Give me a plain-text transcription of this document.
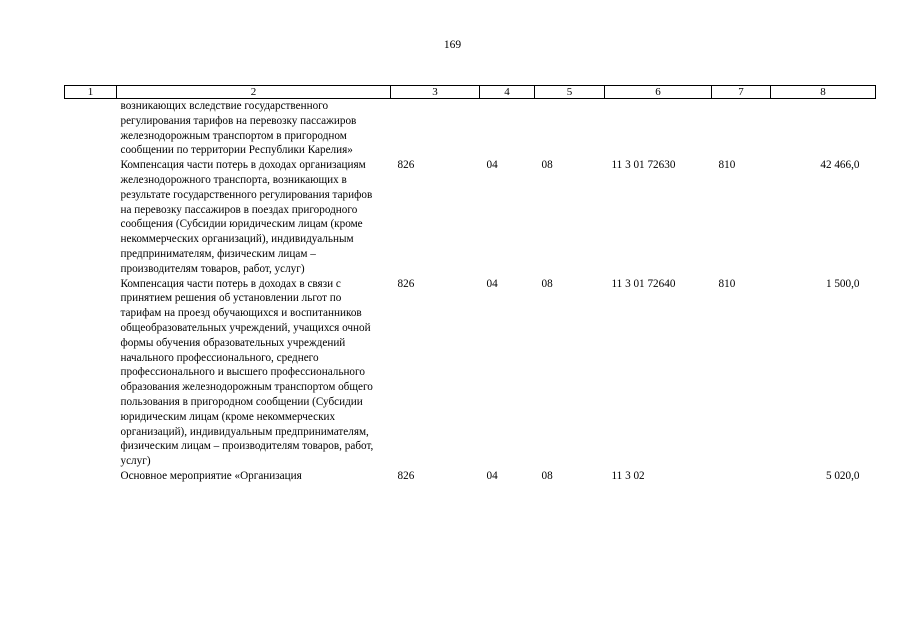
169
1	2	3	4	5	6	7	8
	возникающих вследствие государственного регулирования тарифов на перевозку пассажиров железнодорожным транспортом в пригородном сообщении по территории Республики Карелия»						
	Компенсация части потерь в доходах организациям железнодорожного транспорта, возникающих в результате государственного регулирования тарифов на перевозку пассажиров в поездах пригородного сообщения (Субсидии юридическим лицам (кроме некоммерческих организаций), индивидуальным предпринимателям, физическим лицам – производителям товаров, работ, услуг)	826	04	08	11 3 01 72630	810	42 466,0
	Компенсация части потерь в доходах в связи с принятием решения об установлении льгот по тарифам на проезд обучающихся и воспитанников общеобразовательных учреждений, учащихся очной формы обучения образовательных учреждений начального профессионального, среднего профессионального и высшего профессионального образования железнодорожным транспортом общего пользования в пригородном сообщении (Субсидии юридическим лицам (кроме некоммерческих организаций), индивидуальным предпринимателям, физическим лицам – производителям товаров, работ, услуг)	826	04	08	11 3 01 72640	810	1 500,0
	Основное мероприятие «Организация	826	04	08	11 3 02		5 020,0
